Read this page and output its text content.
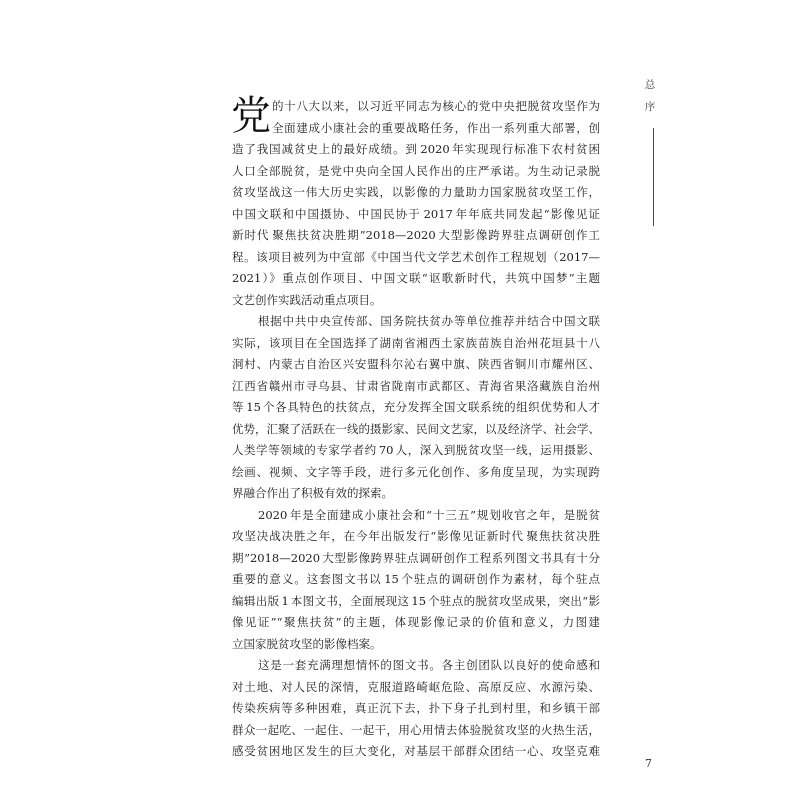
总
序
党 的十八大以来，以习近平同志为核心的党中央把脱贫攻坚作为
全面建成小康社会的重要战略任务，作出一系列重大部署，创
造了我国减贫史上的最好成绩。到 2020 年实现现行标准下农村贫困
人口全部脱贫，是党中央向全国人民作出的庄严承诺。为生动记录脱
贫攻坚战这一伟大历史实践，以影像的力量助力国家脱贫攻坚工作，
中国文联和中国摄协、中国民协于 2017 年年底共同发起“影像见证
新时代 聚焦扶贫决胜期”2018—2020 大型影像跨界驻点调研创作工
程。该项目被列为中宣部《中国当代文学艺术创作工程规划（2017—
2021）》重点创作项目、中国文联“讴歌新时代，共筑中国梦”主题
文艺创作实践活动重点项目。
根据中共中央宣传部、国务院扶贫办等单位推荐并结合中国文联
实际，该项目在全国选择了湖南省湘西土家族苗族自治州花垣县十八
洞村、内蒙古自治区兴安盟科尔沁右翼中旗、陕西省铜川市耀州区、
江西省赣州市寻乌县、甘肃省陇南市武都区、青海省果洛藏族自治州
等 15 个各具特色的扶贫点，充分发挥全国文联系统的组织优势和人才
优势，汇聚了活跃在一线的摄影家、民间文艺家，以及经济学、社会学、
人类学等领域的专家学者约 70 人，深入到脱贫攻坚一线，运用摄影、
绘画、视频、文字等手段，进行多元化创作、多角度呈现，为实现跨
界融合作出了积极有效的探索。
2020 年是全面建成小康社会和“十三五”规划收官之年，是脱贫
攻坚决战决胜之年，在今年出版发行“影像见证新时代 聚焦扶贫决胜
期”2018—2020 大型影像跨界驻点调研创作工程系列图文书具有十分
重要的意义。这套图文书以 15 个驻点的调研创作为素材，每个驻点
编辑出版 1 本图文书，全面展现这 15 个驻点的脱贫攻坚成果，突出“影
像见证”“聚焦扶贫”的主题，体现影像记录的价值和意义，力图建
立国家脱贫攻坚的影像档案。
这是一套充满理想情怀的图文书。各主创团队以良好的使命感和
对土地、对人民的深情，克服道路崎岖危险、高原反应、水源污染、
传染疾病等多种困难，真正沉下去，扑下身子扎到村里，和乡镇干部
群众一起吃、一起住、一起干，用心用情去体验脱贫攻坚的火热生活，
感受贫困地区发生的巨大变化，对基层干部群众团结一心、攻坚克难
7
